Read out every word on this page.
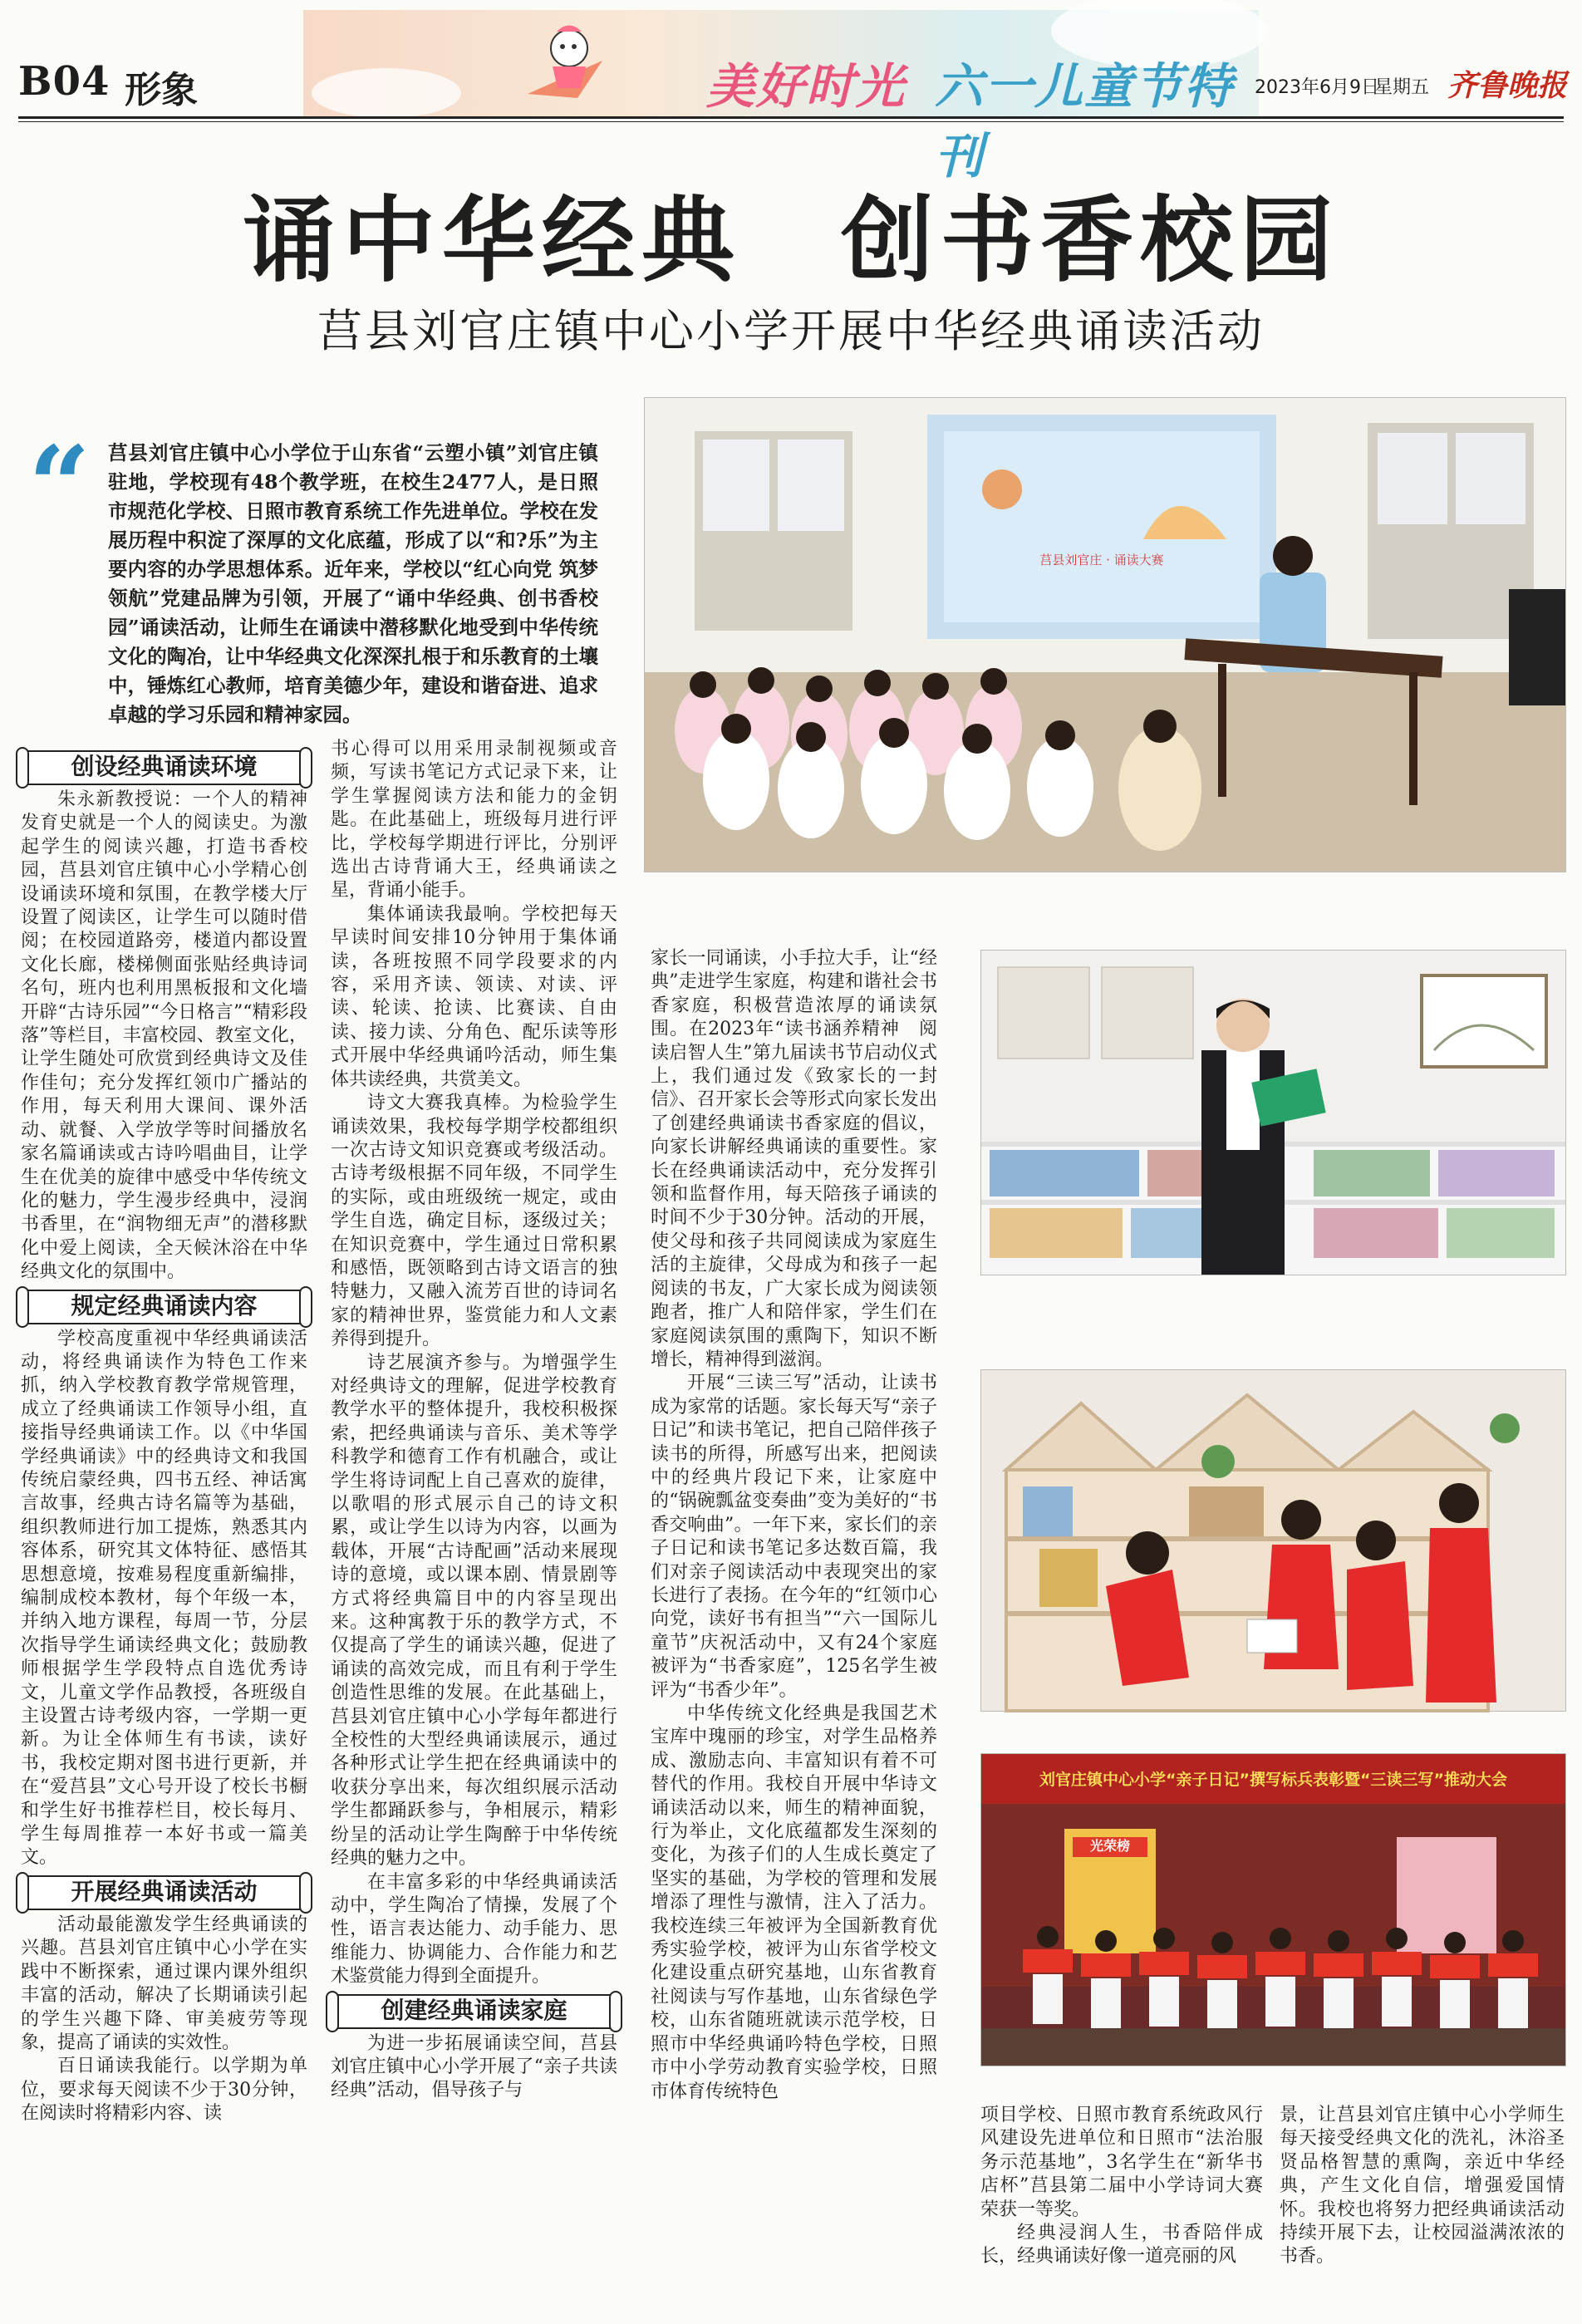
B04 形象	美好时光 六一儿童节特刊
2023年6月9日
星期五 齐鲁晚报
诵中华经典　创书香校园
莒县刘官庄镇中心小学开展中华经典诵读活动
“ 莒县刘官庄镇中心小学位于山东省“云塑小镇”刘官庄镇驻地，学校现有48个教学班，在校生2477人，是日照市规范化学校、日照市教育系统工作先进单位。学校在发展历程中积淀了深厚的文化底蕴，形成了以“和?乐”为主要内容的办学思想体系。近年来，学校以“红心向党 筑梦领航”党建品牌为引领，开展了“诵中华经典、创书香校园”诵读活动，让师生在诵读中潜移默化地受到中华传统文化的陶冶，让中华经典文化深深扎根于和乐教育的土壤中，锤炼红心教师，培育美德少年，建设和谐奋进、追求卓越的学习乐园和精神家园。
莒县刘官庄 · 诵读大赛
刘官庄镇中心小学“亲子日记”撰写标兵表彰暨“三读三写”推动大会
光荣榜
创设经典诵读环境

朱永新教授说：一个人的精神发育史就是一个人的阅读史。为激起学生的阅读兴趣，打造书香校园，莒县刘官庄镇中心小学精心创设诵读环境和氛围，在教学楼大厅设置了阅读区，让学生可以随时借阅；在校园道路旁，楼道内都设置文化长廊，楼梯侧面张贴经典诗词名句，班内也利用黑板报和文化墙开辟“古诗乐园”“今日格言”“精彩段落”等栏目，丰富校园、教室文化，让学生随处可欣赏到经典诗文及佳作佳句；充分发挥红领巾广播站的作用，每天利用大课间、课外活动、就餐、入学放学等时间播放名家名篇诵读或古诗吟唱曲目，让学生在优美的旋律中感受中华传统文化的魅力，学生漫步经典中，浸润书香里，在“润物细无声”的潜移默化中爱上阅读，全天候沐浴在中华经典文化的氛围中。

规定经典诵读内容

学校高度重视中华经典诵读活动，将经典诵读作为特色工作来抓，纳入学校教育教学常规管理，成立了经典诵读工作领导小组，直接指导经典诵读工作。以《中华国学经典诵读》中的经典诗文和我国传统启蒙经典，四书五经、神话寓言故事，经典古诗名篇等为基础，组织教师进行加工提炼，熟悉其内容体系，研究其文体特征、感悟其思想意境，按难易程度重新编排，编制成校本教材，每个年级一本，并纳入地方课程，每周一节，分层次指导学生诵读经典文化；鼓励教师根据学生学段特点自选优秀诗文，儿童文学作品教授，各班级自主设置古诗考级内容，一学期一更新。为让全体师生有书读，读好书，我校定期对图书进行更新，并在“爱莒县”文心号开设了校长书橱和学生好书推荐栏目，校长每月、学生每周推荐一本好书或一篇美文。

开展经典诵读活动

活动最能激发学生经典诵读的兴趣。莒县刘官庄镇中心小学在实践中不断探索，通过课内课外组织丰富的活动，解决了长期诵读引起的学生兴趣下降、审美疲劳等现象，提高了诵读的实效性。

百日诵读我能行。以学期为单位，要求每天阅读不少于30分钟，在阅读时将精彩内容、读

书心得可以用采用录制视频或音频，写读书笔记方式记录下来，让学生掌握阅读方法和能力的金钥匙。在此基础上，班级每月进行评比，学校每学期进行评比，分别评选出古诗背诵大王，经典诵读之星，背诵小能手。

集体诵读我最响。学校把每天早读时间安排10分钟用于集体诵读，各班按照不同学段要求的内容，采用齐读、领读、对读、评读、轮读、抢读、比赛读、自由读、接力读、分角色、配乐读等形式开展中华经典诵吟活动，师生集体共读经典，共赏美文。

诗文大赛我真棒。为检验学生诵读效果，我校每学期学校都组织一次古诗文知识竞赛或考级活动。古诗考级根据不同年级，不同学生的实际，或由班级统一规定，或由学生自选，确定目标，逐级过关；在知识竞赛中，学生通过日常积累和感悟，既领略到古诗文语言的独特魅力，又融入流芳百世的诗词名家的精神世界，鉴赏能力和人文素养得到提升。

诗艺展演齐参与。为增强学生对经典诗文的理解，促进学校教育教学水平的整体提升，我校积极探索，把经典诵读与音乐、美术等学科教学和德育工作有机融合，或让学生将诗词配上自己喜欢的旋律，以歌唱的形式展示自己的诗文积累，或让学生以诗为内容，以画为载体，开展“古诗配画”活动来展现诗的意境，或以课本剧、情景剧等方式将经典篇目中的内容呈现出来。这种寓教于乐的教学方式，不仅提高了学生的诵读兴趣，促进了诵读的高效完成，而且有利于学生创造性思维的发展。在此基础上，莒县刘官庄镇中心小学每年都进行全校性的大型经典诵读展示，通过各种形式让学生把在经典诵读中的收获分享出来，每次组织展示活动学生都踊跃参与，争相展示，精彩纷呈的活动让学生陶醉于中华传统经典的魅力之中。

在丰富多彩的中华经典诵读活动中，学生陶冶了情操，发展了个性，语言表达能力、动手能力、思维能力、协调能力、合作能力和艺术鉴赏能力得到全面提升。

创建经典诵读家庭

为进一步拓展诵读空间，莒县刘官庄镇中心小学开展了“亲子共读经典”活动，倡导孩子与

家长一同诵读，小手拉大手，让“经典”走进学生家庭，构建和谐社会书香家庭，积极营造浓厚的诵读氛围。在2023年“读书涵养精神　阅读启智人生”第九届读书节启动仪式上，我们通过发《致家长的一封信》、召开家长会等形式向家长发出了创建经典诵读书香家庭的倡议，向家长讲解经典诵读的重要性。家长在经典诵读活动中，充分发挥引领和监督作用，每天陪孩子诵读的时间不少于30分钟。活动的开展，使父母和孩子共同阅读成为家庭生活的主旋律，父母成为和孩子一起阅读的书友，广大家长成为阅读领跑者，推广人和陪伴家，学生们在家庭阅读氛围的熏陶下，知识不断增长，精神得到滋润。

开展“三读三写”活动，让读书成为家常的话题。家长每天写“亲子日记”和读书笔记，把自己陪伴孩子读书的所得，所感写出来，把阅读中的经典片段记下来，让家庭中的“锅碗瓢盆变奏曲”变为美好的“书香交响曲”。一年下来，家长们的亲子日记和读书笔记多达数百篇，我们对亲子阅读活动中表现突出的家长进行了表扬。在今年的“红领巾心向党，读好书有担当”“六一国际儿童节”庆祝活动中，又有24个家庭被评为“书香家庭”，125名学生被评为“书香少年”。

中华传统文化经典是我国艺术宝库中瑰丽的珍宝，对学生品格养成、激励志向、丰富知识有着不可替代的作用。我校自开展中华诗文诵读活动以来，师生的精神面貌，行为举止，文化底蕴都发生深刻的变化，为孩子们的人生成长奠定了坚实的基础，为学校的管理和发展增添了理性与激情，注入了活力。我校连续三年被评为全国新教育优秀实验学校，被评为山东省学校文化建设重点研究基地，山东省教育社阅读与写作基地，山东省绿色学校，山东省随班就读示范学校，日照市中华经典诵吟特色学校，日照市中小学劳动教育实验学校，日照市体育传统特色

项目学校、日照市教育系统政风行风建设先进单位和日照市“法治服务示范基地”，3名学生在“新华书店杯”莒县第二届中小学诗词大赛荣获一等奖。

经典浸润人生，书香陪伴成长，经典诵读好像一道亮丽的风

景，让莒县刘官庄镇中心小学师生每天接受经典文化的洗礼，沐浴圣贤品格智慧的熏陶，亲近中华经典，产生文化自信，增强爱国情怀。我校也将努力把经典诵读活动持续开展下去，让校园溢满浓浓的书香。
